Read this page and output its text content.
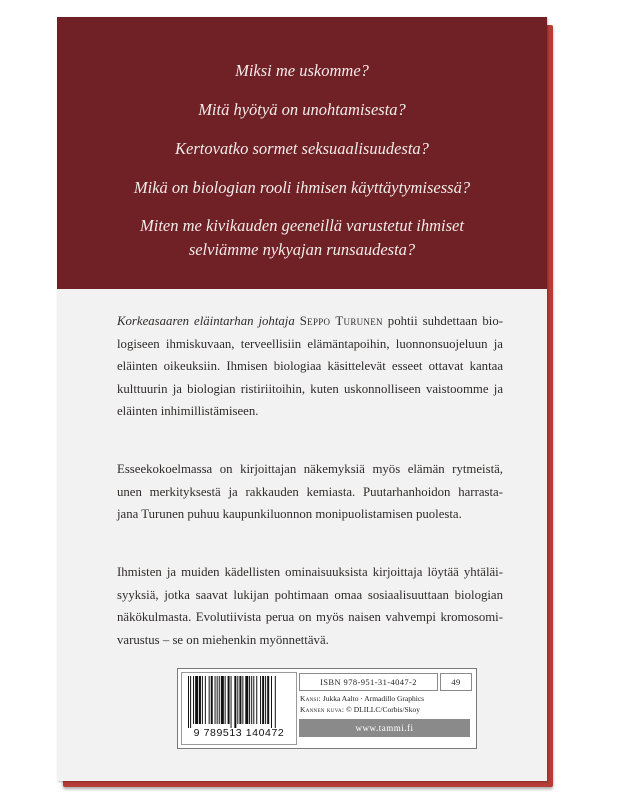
Miksi me uskomme?

Mitä hyötyä on unohtamisesta?

Kertovatko sormet seksuaalisuudesta?

Mikä on biologian rooli ihmisen käyttäytymisessä?

Miten me kivikauden geeneillä varustetut ihmiset

selviämme nykyajan runsaudesta?

Korkeasaaren eläintarhan johtaja Seppo Turunen pohtii suhdettaan bio-
logiseen ihmiskuvaan, terveellisiin elämäntapoihin, luonnonsuojeluun ja
eläinten oikeuksiin. Ihmisen biologiaa käsittelevät esseet ottavat kantaa
kulttuurin ja biologian ristiriitoihin, kuten uskonnolliseen vaistoomme ja
eläinten inhimillistämiseen.
Esseekokoelmassa on kirjoittajan näkemyksiä myös elämän rytmeistä,
unen merkityksestä ja rakkauden kemiasta. Puutarhanhoidon harrasta-
jana Turunen puhuu kaupunkiluonnon monipuolistamisen puolesta.
Ihmisten ja muiden kädellisten ominaisuuksista kirjoittaja löytää yhtäläi-
syyksiä, jotka saavat lukijan pohtimaan omaa sosiaalisuuttaan biologian
näkökulmasta. Evolutiivista perua on myös naisen vahvempi kromosomi-
varustus – se on miehenkin myönnettävä.
9 789513 140472
ISBN 978-951-31-4047-2	49
Kansi: Jukka Aalto · Armadillo Graphics
Kannen kuva: © DLILLC/Corbis/Skoy
www.tammi.fi
